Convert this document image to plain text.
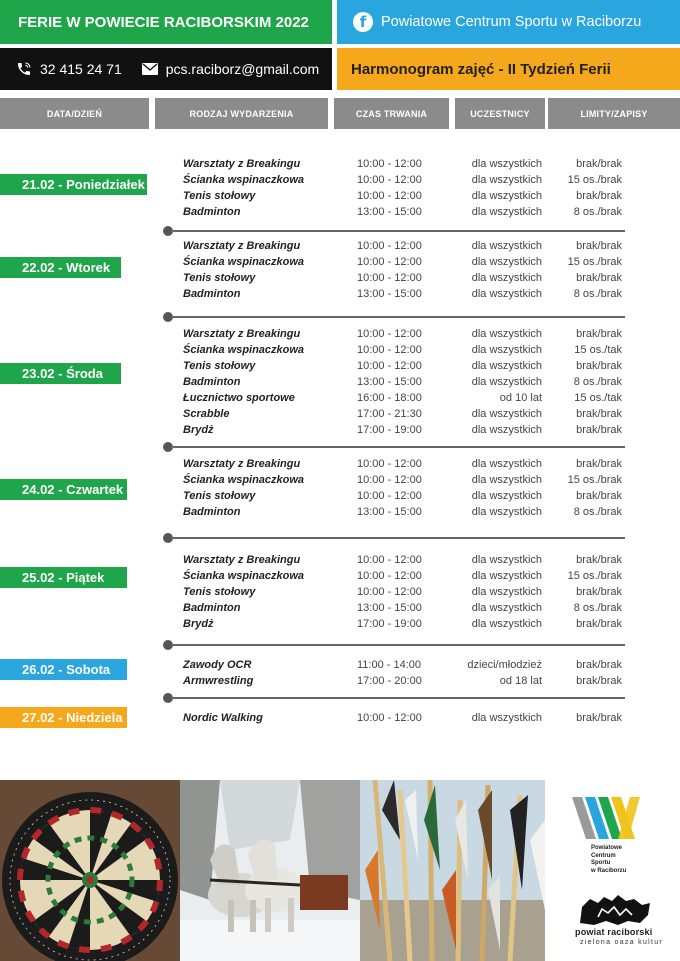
FERIE W POWIECIE RACIBORSKIM 2022	f	Powiatowe Centrum Sportu w Raciborzu
32 415 24 71	pcs.raciborz@gmail.com	Harmonogram zajęć - II Tydzień Ferii
DATA/DZIEŃ	RODZAJ WYDARZENIA	CZAS TRWANIA	UCZESTNICY	LIMITY/ZAPISY
21.02 - Poniedziałek
Warsztaty z Breakingu	10:00 - 12:00	dla wszystkich	brak/brak
Ścianka wspinaczkowa	10:00 - 12:00	dla wszystkich 15 os./brak
Tenis stołowy	10:00 - 12:00	dla wszystkich	brak/brak
Badminton	13:00 - 15:00	dla wszystkich	8 os./brak
22.02 - Wtorek
Warsztaty z Breakingu	10:00 - 12:00	dla wszystkich	brak/brak
Ścianka wspinaczkowa	10:00 - 12:00	dla wszystkich 15 os./brak
Tenis stołowy	10:00 - 12:00	dla wszystkich	brak/brak
Badminton	13:00 - 15:00	dla wszystkich	8 os./brak
23.02 - Środa
Warsztaty z Breakingu	10:00 - 12:00	dla wszystkich	brak/brak
Ścianka wspinaczkowa	10:00 - 12:00	dla wszystkich	15 os./tak
Tenis stołowy	10:00 - 12:00	dla wszystkich	brak/brak
Badminton	13:00 - 15:00	dla wszystkich	8 os./brak
Łucznictwo sportowe	16:00 - 18:00	od 10 lat	15 os./tak
Scrabble	17:00 - 21:30	dla wszystkich	brak/brak
Brydż	17:00 - 19:00	dla wszystkich	brak/brak
24.02 - Czwartek
Warsztaty z Breakingu	10:00 - 12:00	dla wszystkich	brak/brak
Ścianka wspinaczkowa	10:00 - 12:00	dla wszystkich 15 os./brak
Tenis stołowy	10:00 - 12:00	dla wszystkich	brak/brak
Badminton	13:00 - 15:00	dla wszystkich	8 os./brak
25.02 - Piątek
Warsztaty z Breakingu	10:00 - 12:00	dla wszystkich	brak/brak
Ścianka wspinaczkowa	10:00 - 12:00	dla wszystkich 15 os./brak
Tenis stołowy	10:00 - 12:00	dla wszystkich	brak/brak
Badminton	13:00 - 15:00	dla wszystkich	8 os./brak
Brydż	17:00 - 19:00	dla wszystkich	brak/brak
26.02 - Sobota	Zawody OCR	11:00 - 14:00	dzieci/młodzież	brak/brak
Armwrestling	17:00 - 20:00	od 18 lat	brak/brak
27.02 - Niedziela	Nordic Walking	10:00 - 12:00	dla wszystkich	brak/brak
Powiatowe
Centrum
Sportu
w Raciborzu
powiat raciborski
zielona oaza kultur
